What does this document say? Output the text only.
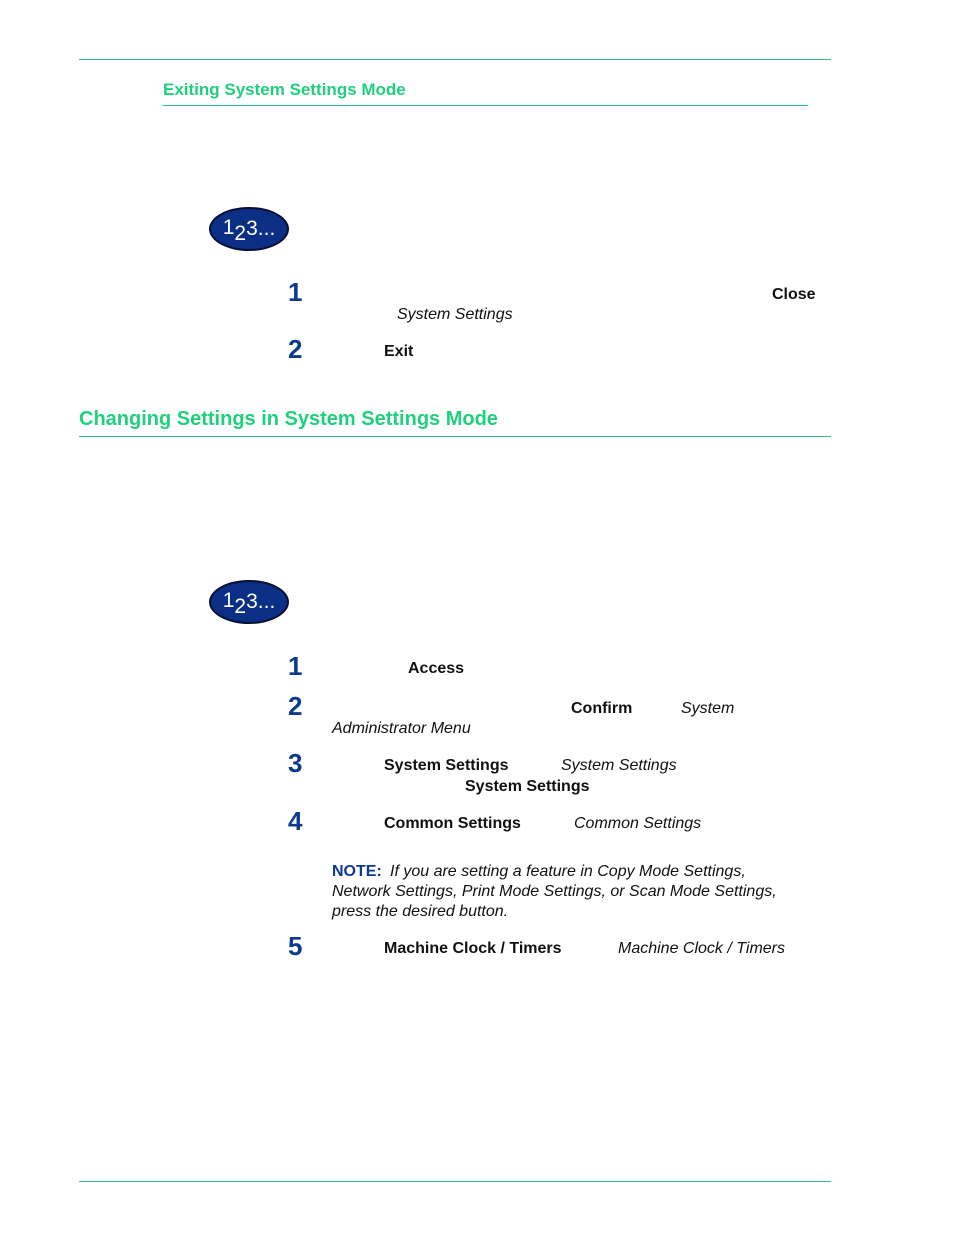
Exiting System Settings Mode
1 2 3...
1	Close
System Settings
2	Exit
Changing Settings in System Settings Mode
1 2 3...
1	Access
2	Confirm	System
Administrator Menu
3	System Settings	System Settings
System Settings
4	Common Settings	Common Settings
NOTE: If you are setting a feature in Copy Mode Settings,
Network Settings, Print Mode Settings, or Scan Mode Settings,
press the desired button.
5	Machine Clock / Timers	Machine Clock / Timers
